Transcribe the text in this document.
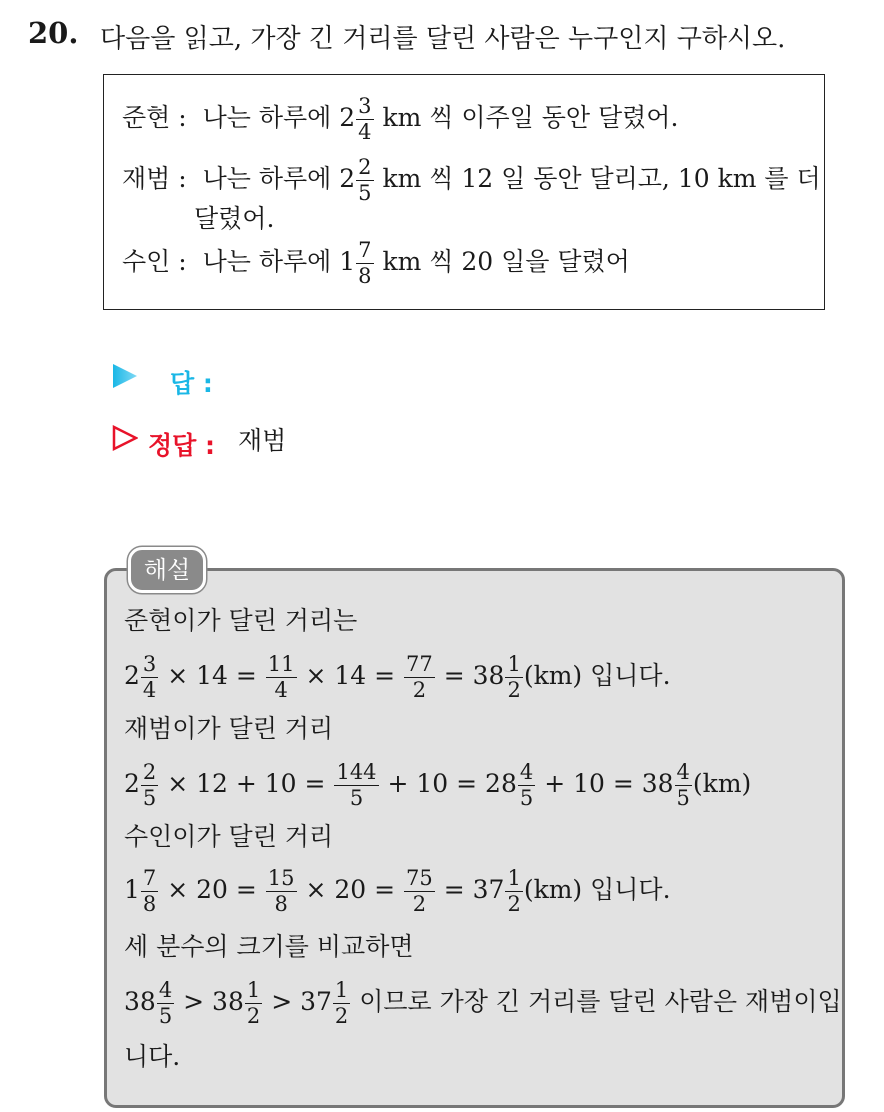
20. 다음을 읽고, 가장 긴 거리를 달린 사람은 누구인지 구하시오.
준현 : 나는 하루에 $2 \frac{3}{4}$ km 씩 이주일 동안 달렸어.
재범 : 나는 하루에 $2 \frac{2}{5}$ km 씩 12 일 동안 달리고, 10 km 를 더
달렸어.
수인 : 나는 하루에 $1 \frac{7}{8}$ km 씩 20 일을 달렸어
답 :
정답 : 재범
해설
준현이가 달린 거리는
$2 \frac{3}{4} \times 14 = \frac{11}{4} \times 14 = \frac{77}{2} = 38 \frac{1}{2} (km)$ 입니다.
재범이가 달린 거리
$2 \frac{2}{5} \times 12 + 10 = \frac{144}{5} + 10 = 28 \frac{4}{5} + 10 = 38 \frac{4}{5} (km)$
수인이가 달린 거리
$1 \frac{7}{8} \times 20 = \frac{15}{8} \times 20 = \frac{75}{2} = 37 \frac{1}{2} (km)$ 입니다.
세 분수의 크기를 비교하면
$38 \frac{4}{5} > 38 \frac{1}{2} > 37 \frac{1}{2}$ 이므로 가장 긴 거리를 달린 사람은 재범이입
니다.
